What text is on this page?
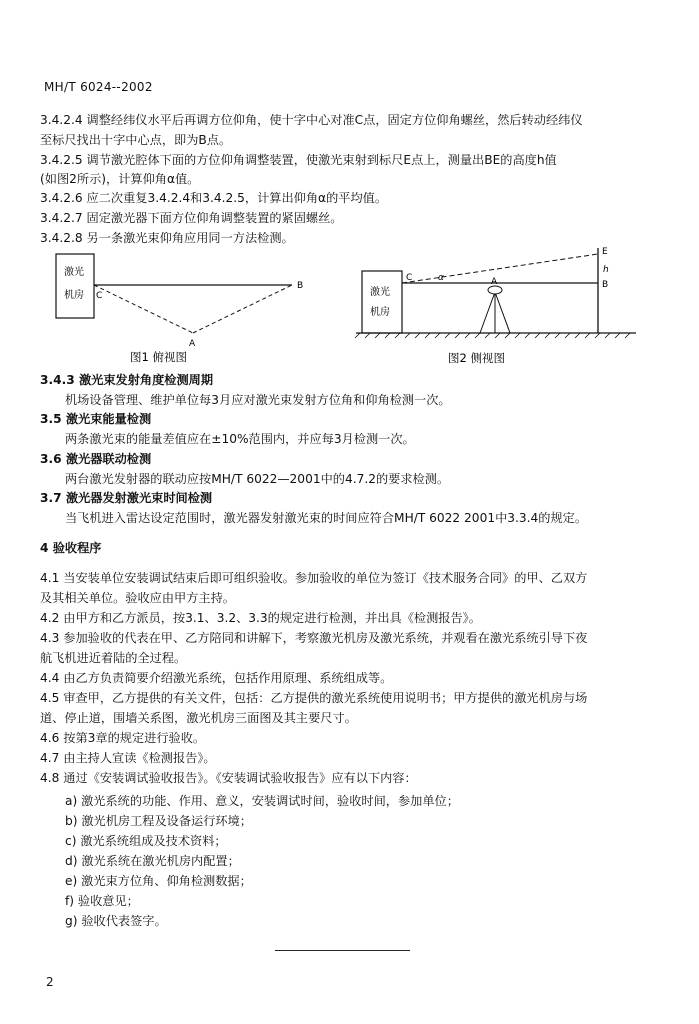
MH/T 6024--2002
3.4.2.4 调整经纬仪水平后再调方位仰角，使十字中心对准C点，固定方位仰角螺丝，然后转动经纬仪
至标尺找出十字中心点，即为B点。
3.4.2.5 调节激光腔体下面的方位仰角调整装置，使激光束射到标尺E点上，测量出BE的高度h值
(如图2所示)，计算仰角α值。
3.4.2.6 应二次重复3.4.2.4和3.4.2.5，计算出仰角α的平均值。
3.4.2.7 固定激光器下面方位仰角调整装置的紧固螺丝。
3.4.2.8 另一条激光束仰角应用同一方法检测。
激光
机房 C
B
A
图1 俯视图
激光
机房
C	α	A
E
h
B
图2 侧视图
3.4.3 激光束发射角度检测周期
机场设备管理、维护单位每3月应对激光束发射方位角和仰角检测一次。
3.5 激光束能量检测
两条激光束的能量差值应在±10%范围内，并应每3月检测一次。
3.6 激光器联动检测
两台激光发射器的联动应按MH/T 6022—2001中的4.7.2的要求检测。
3.7 激光器发射激光束时间检测
当飞机进入雷达设定范围时，激光器发射激光束的时间应符合MH/T 6022 2001中3.3.4的规定。
4 验收程序
4.1 当安装单位安装调试结束后即可组织验收。参加验收的单位为签订《技术服务合同》的甲、乙双方
及其相关单位。验收应由甲方主持。
4.2 由甲方和乙方派员，按3.1、3.2、3.3的规定进行检测，并出具《检测报告》。
4.3 参加验收的代表在甲、乙方陪同和讲解下，考察激光机房及激光系统，并观看在激光系统引导下夜
航飞机进近着陆的全过程。
4.4 由乙方负责简要介绍激光系统，包括作用原理、系统组成等。
4.5 审查甲，乙方提供的有关文件，包括：乙方提供的激光系统使用说明书；甲方提供的激光机房与场
道、停止道，围墙关系图，激光机房三面图及其主要尺寸。
4.6 按第3章的规定进行验收。
4.7 由主持人宣读《检测报告》。
4.8 通过《安装调试验收报告》。《安装调试验收报告》应有以下内容：
a) 激光系统的功能、作用、意义，安装调试时间，验收时间，参加单位；
b) 激光机房工程及设备运行环境；
c) 激光系统组成及技术资料；
d) 激光系统在激光机房内配置；
e) 激光束方位角、仰角检测数据；
f) 验收意见；
g) 验收代表签字。
2
